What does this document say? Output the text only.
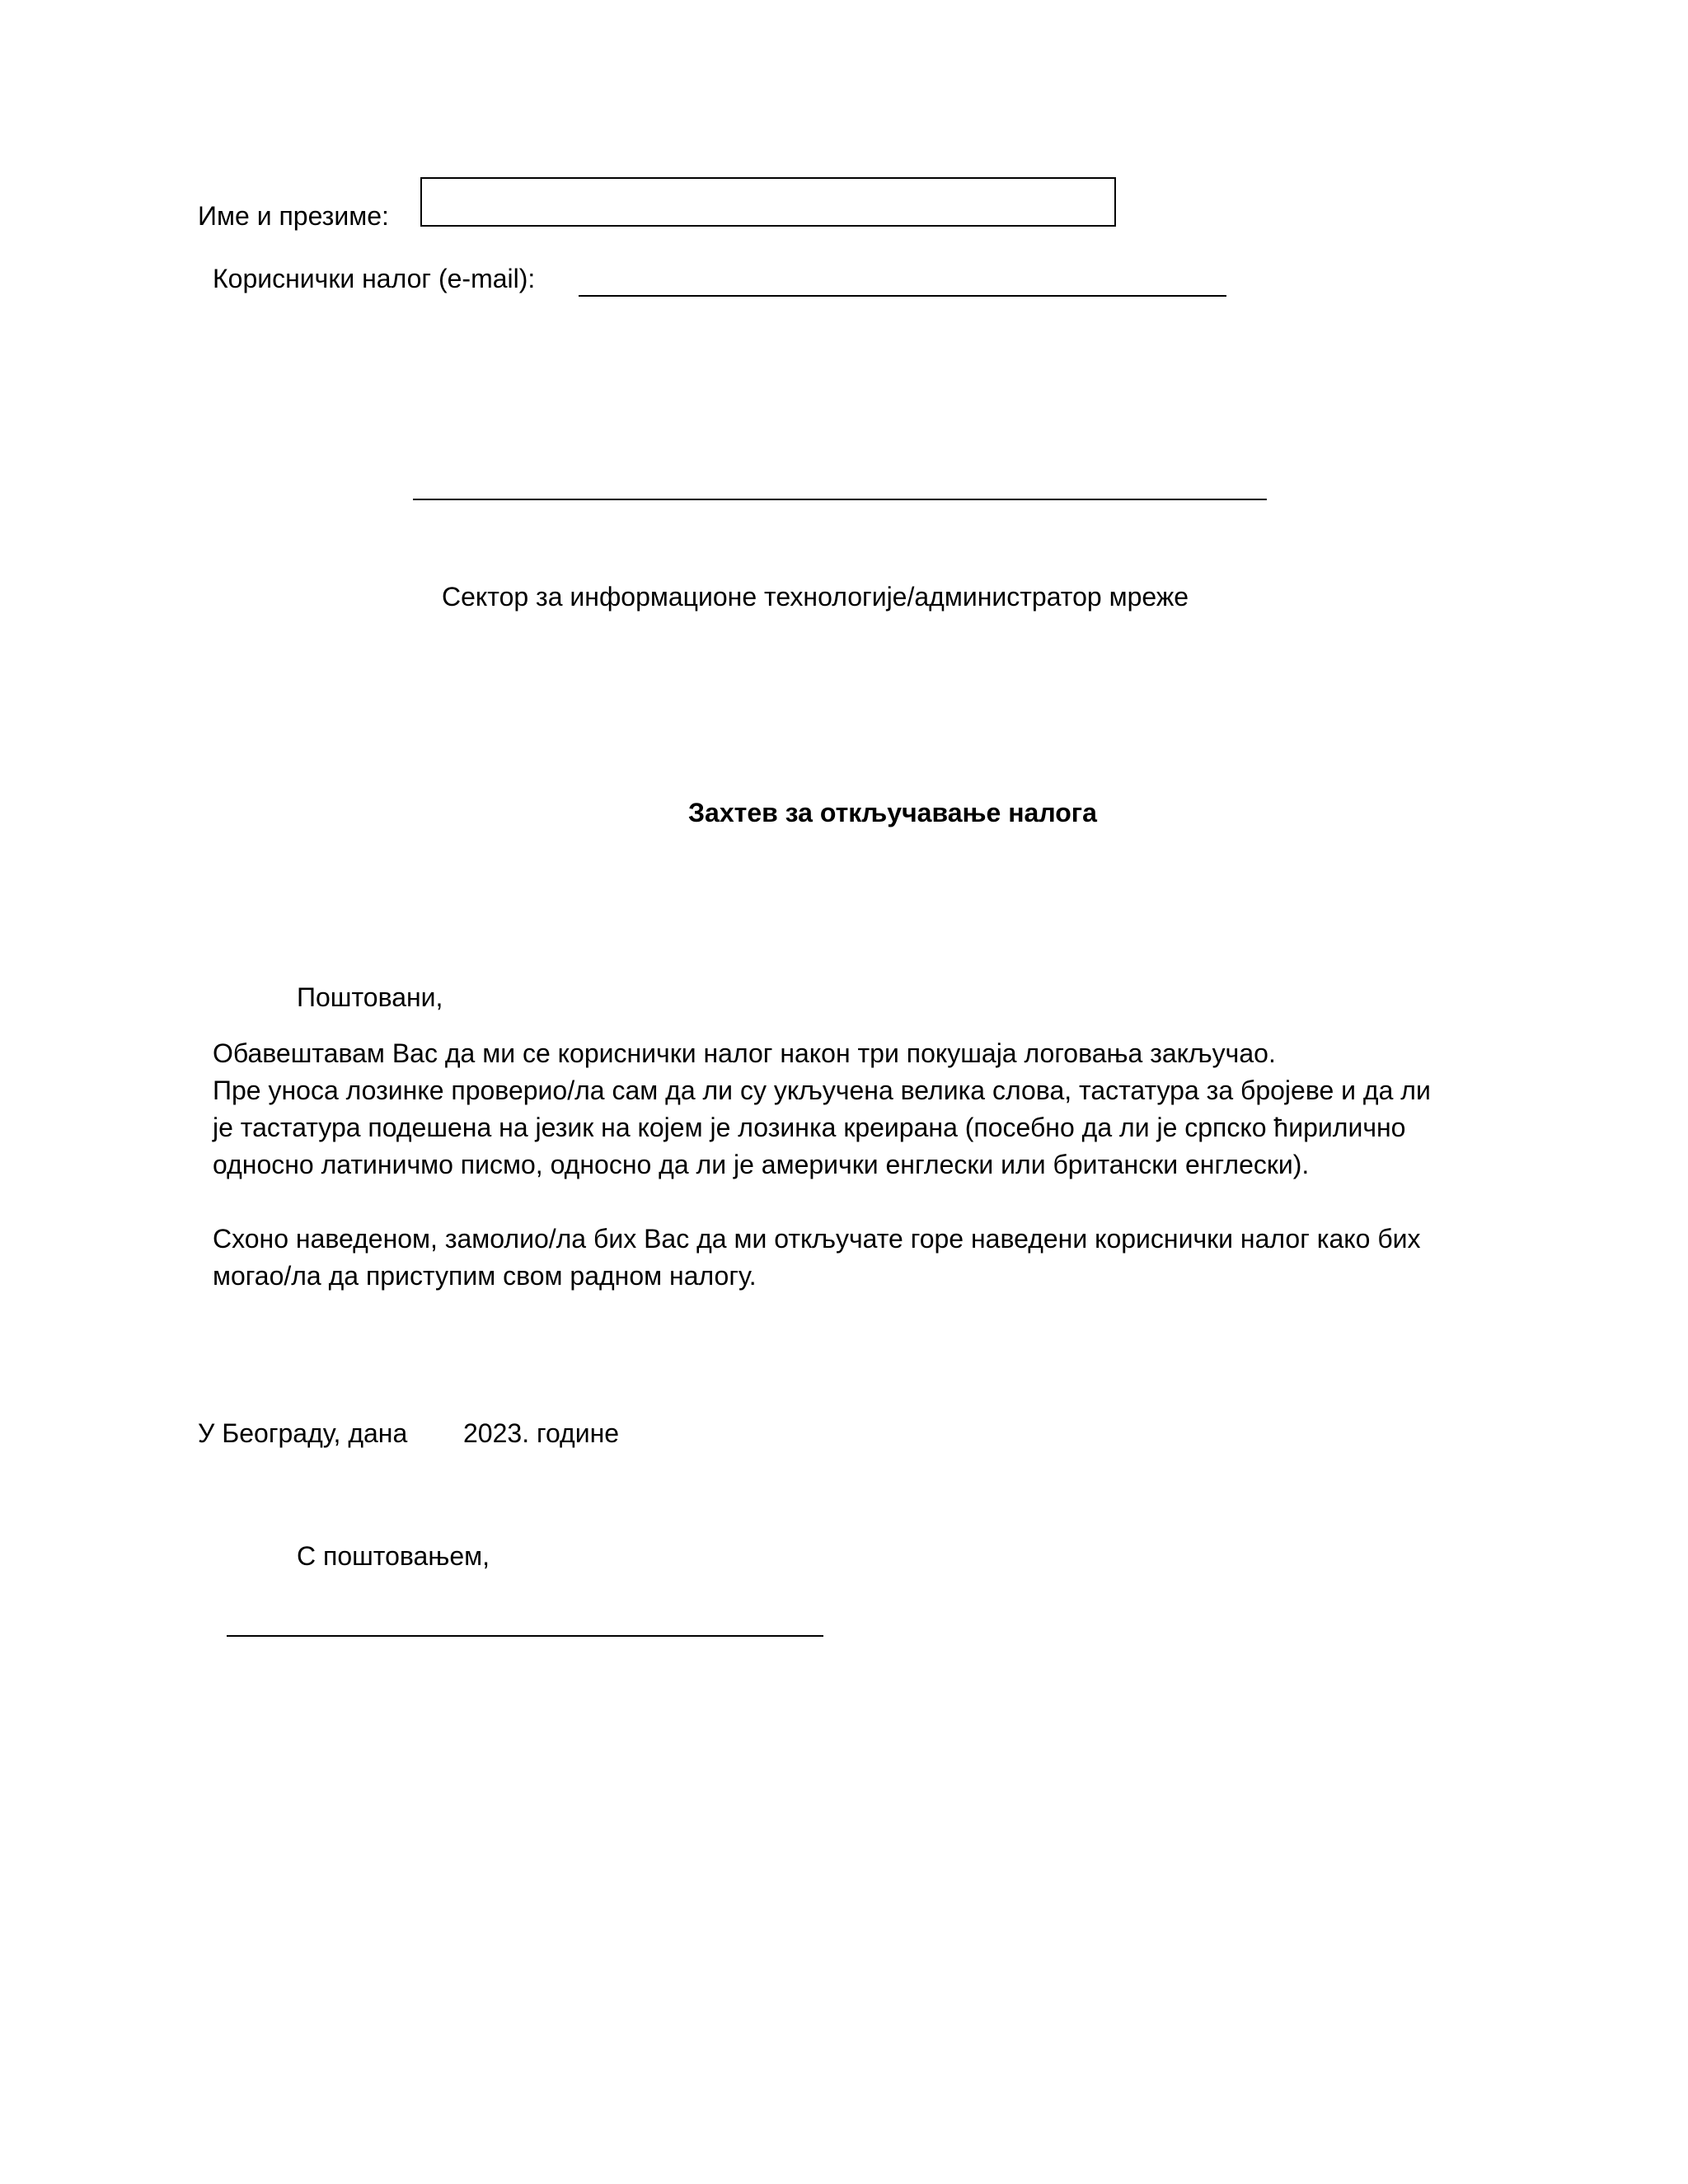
Име и презиме:
Кориснички налог (e-mail):
Сектор за информационе технологије/администратор мреже
Захтев за откључавање налога
Поштовани,

Обавештавам Вас да ми се кориснички налог након три покушаја логовања закључао.
Пре уноса лозинке проверио/ла сам да ли су укључена велика слова, тастатура за бројеве и да ли
је тастатура подешена на језик на којем је лозинка креирана (посебно да ли је српско ћирилично
односно латиничмо писмо, односно да ли је амерички енглески или британски енглески).

Схоно наведеном, замолио/ла бих Вас да ми откључате горе наведени кориснички налог како бих
могао/ла да приступим свом радном налогу.

У Београду, дана 2023. године
С поштовањем,
